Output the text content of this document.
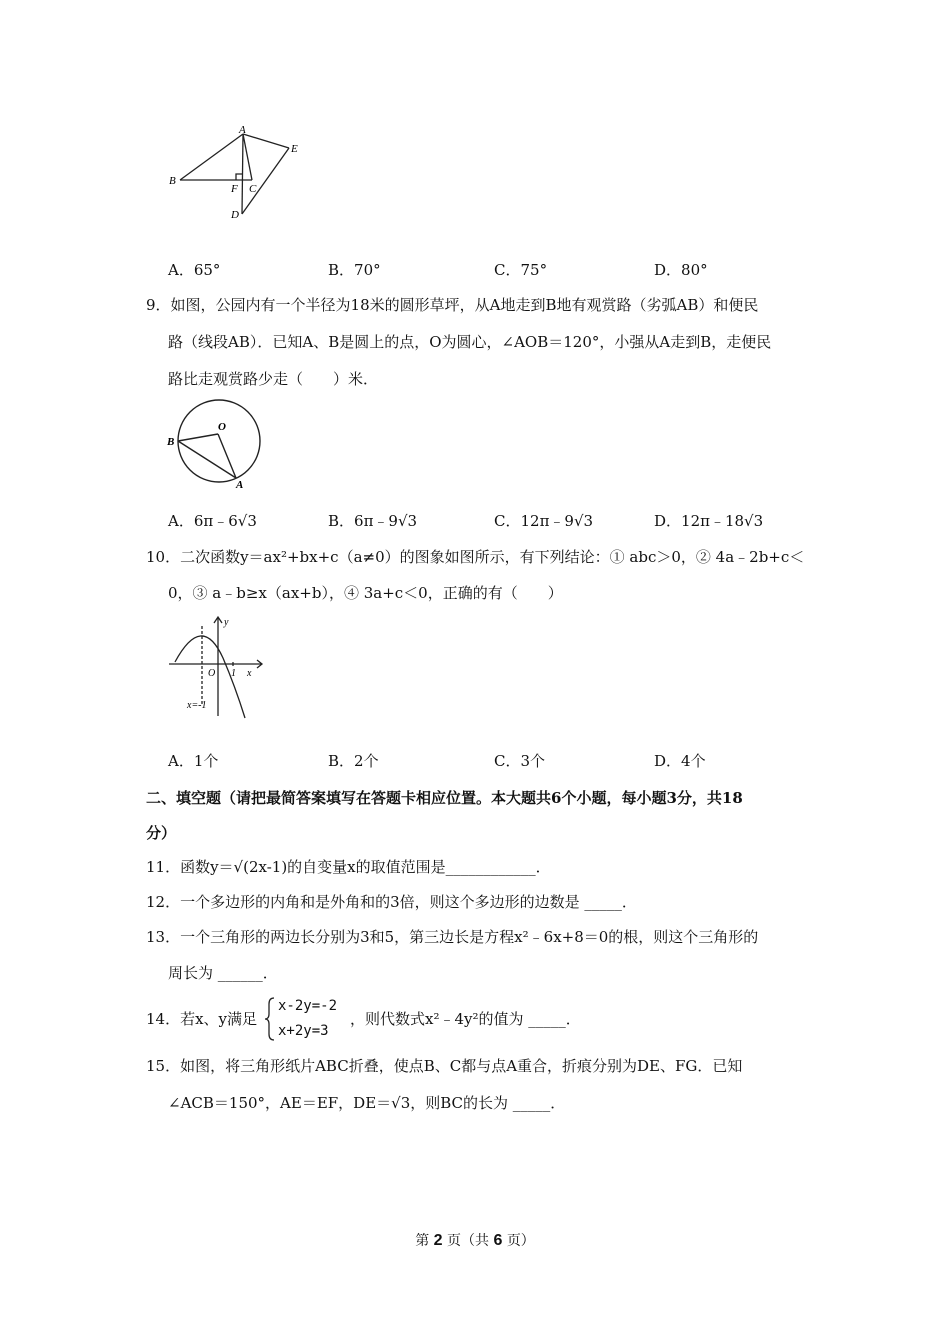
A
E
B
F C
D
A．65°	B．70°	C．75°	D．80°
9．如图，公园内有一个半径为18米的圆形草坪，从A地走到B地有观赏路（劣弧AB）和便民
路（线段AB）．已知A、B是圆上的点，O为圆心，∠AOB＝120°，小强从A走到B，走便民
路比走观赏路少走（　　）米．
B
O
A
A．6π﹣6√3	B．6π﹣9√3	C．12π﹣9√3	D．12π﹣18√3
10．二次函数y＝ax²+bx+c（a≠0）的图象如图所示，有下列结论：① abc＞0，② 4a﹣2b+c＜
0，③ a﹣b≥x（ax+b），④ 3a+c＜0，正确的有（　　）
y
O 1 x
x=-1
A．1个	B．2个	C．3个	D．4个
二、填空题（请把最简答案填写在答题卡相应位置。本大题共6个小题，每小题3分，共18
分）
11．函数y＝√(2x-1)的自变量x的取值范围是____________．
12．一个多边形的内角和是外角和的3倍，则这个多边形的边数是 _____．
13．一个三角形的两边长分别为3和5，第三边长是方程x²﹣6x+8＝0的根，则这个三角形的
周长为 ______．
14．若x、y满足
x-2y=-2
x+2y=3
，则代数式x²﹣4y²的值为 _____．
15．如图，将三角形纸片ABC折叠，使点B、C都与点A重合，折痕分别为DE、FG．已知
∠ACB＝150°，AE＝EF，DE＝√3，则BC的长为 _____．
第 2 页（共 6 页）
